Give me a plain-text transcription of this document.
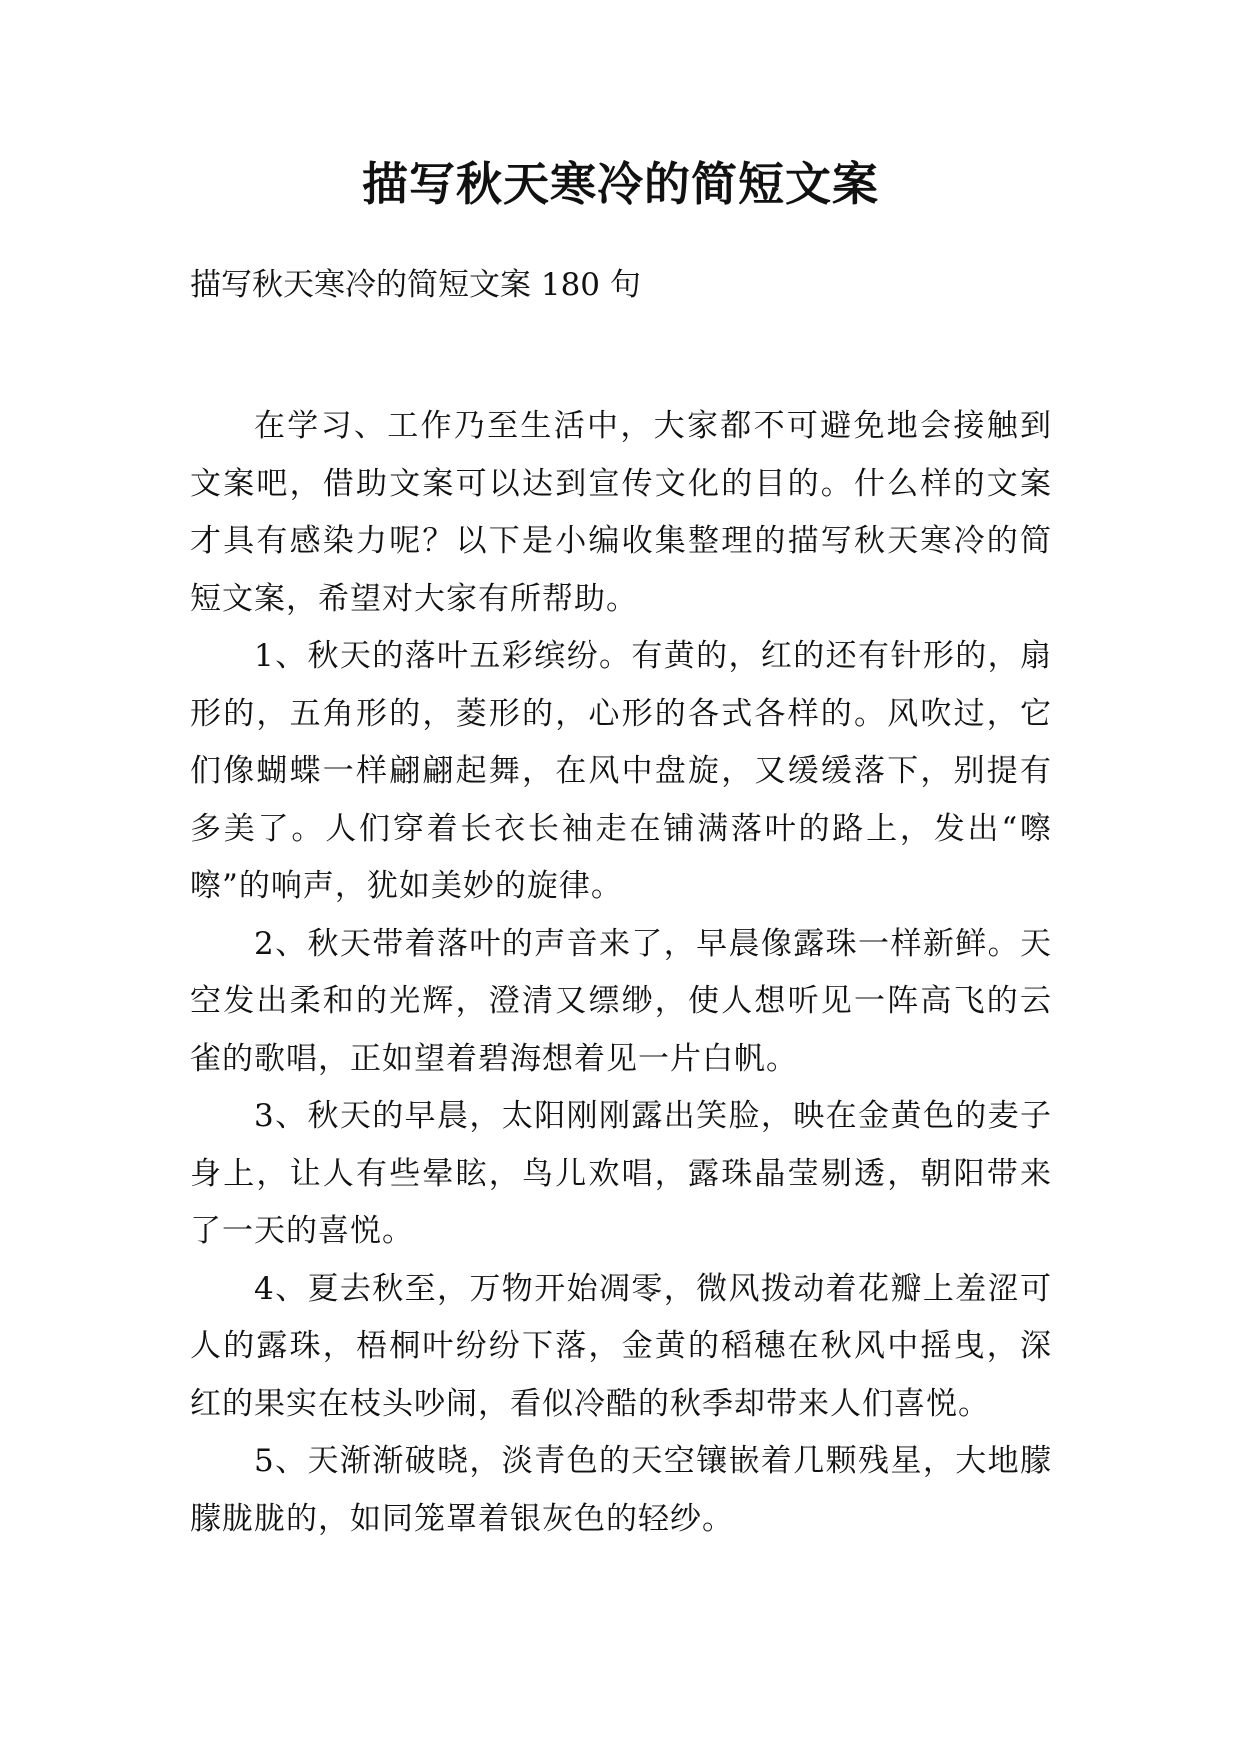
描写秋天寒冷的简短文案
描写秋天寒冷的简短文案 180 句

在学习、工作乃至生活中，大家都不可避免地会接触到文案吧，借助文案可以达到宣传文化的目的。什么样的文案才具有感染力呢？以下是小编收集整理的描写秋天寒冷的简短文案，希望对大家有所帮助。

1、秋天的落叶五彩缤纷。有黄的，红的还有针形的，扇形的，五角形的，菱形的，心形的各式各样的。风吹过，它们像蝴蝶一样翩翩起舞，在风中盘旋，又缓缓落下，别提有多美了。人们穿着长衣长袖走在铺满落叶的路上，发出“嚓嚓”的响声，犹如美妙的旋律。

2、秋天带着落叶的声音来了，早晨像露珠一样新鲜。天空发出柔和的光辉，澄清又缥缈，使人想听见一阵高飞的云雀的歌唱，正如望着碧海想着见一片白帆。

3、秋天的早晨，太阳刚刚露出笑脸，映在金黄色的麦子身上，让人有些晕眩，鸟儿欢唱，露珠晶莹剔透，朝阳带来了一天的喜悦。

4、夏去秋至，万物开始凋零，微风拨动着花瓣上羞涩可人的露珠，梧桐叶纷纷下落，金黄的稻穗在秋风中摇曳，深红的果实在枝头吵闹，看似冷酷的秋季却带来人们喜悦。

5、天渐渐破晓，淡青色的天空镶嵌着几颗残星，大地朦朦胧胧的，如同笼罩着银灰色的轻纱。
